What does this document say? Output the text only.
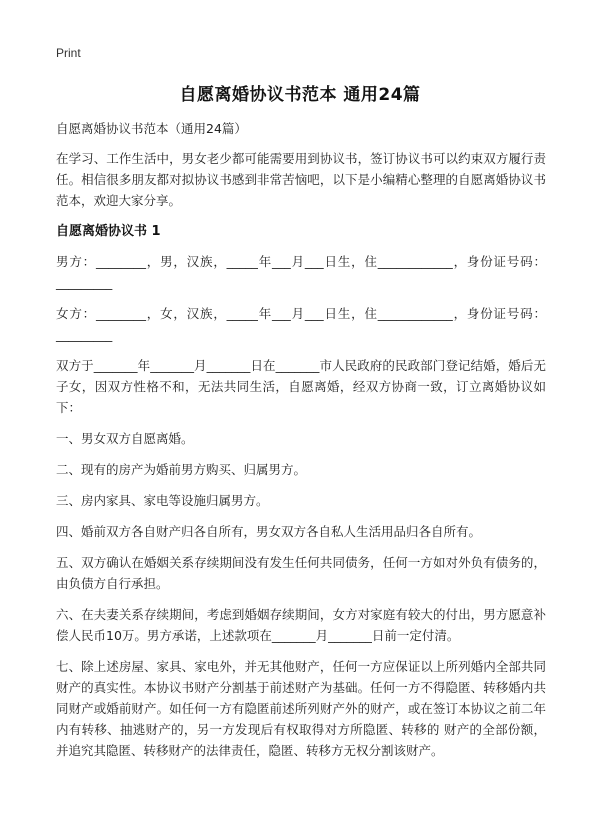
Print
自愿离婚协议书范本 通用24篇

自愿离婚协议书范本（通用24篇）

在学习、工作生活中，男女老少都可能需要用到协议书，签订协议书可以约束双方履行责任。相信很多朋友都对拟协议书感到非常苦恼吧，以下是小编精心整理的自愿离婚协议书范本，欢迎大家分享。

自愿离婚协议书 1

男方：________，男，汉族，_____年___月___日生，住____________，身份证号码：_________

女方：________，女，汉族，_____年___月___日生，住____________，身份证号码：_________

双方于_______年_______月_______日在_______市人民政府的民政部门登记结婚，婚后无子女，因双方性格不和，无法共同生活，自愿离婚，经双方协商一致，订立离婚协议如下：

一、男女双方自愿离婚。

二、现有的房产为婚前男方购买、归属男方。

三、房内家具、家电等设施归属男方。

四、婚前双方各自财产归各自所有，男女双方各自私人生活用品归各自所有。

五、双方确认在婚姻关系存续期间没有发生任何共同债务，任何一方如对外负有债务的，由负债方自行承担。

六、在夫妻关系存续期间，考虑到婚姻存续期间，女方对家庭有较大的付出，男方愿意补偿人民币10万。男方承诺，上述款项在_______月_______日前一定付清。

七、除上述房屋、家具、家电外，并无其他财产，任何一方应保证以上所列婚内全部共同财产的真实性。本协议书财产分割基于前述财产为基础。任何一方不得隐匿、转移婚内共同财产或婚前财产。如任何一方有隐匿前述所列财产外的财产，或在签订本协议之前二年内有转移、抽逃财产的，另一方发现后有权取得对方所隐匿、转移的 财产的全部份额，并追究其隐匿、转移财产的法律责任，隐匿、转移方无权分割该财产。
